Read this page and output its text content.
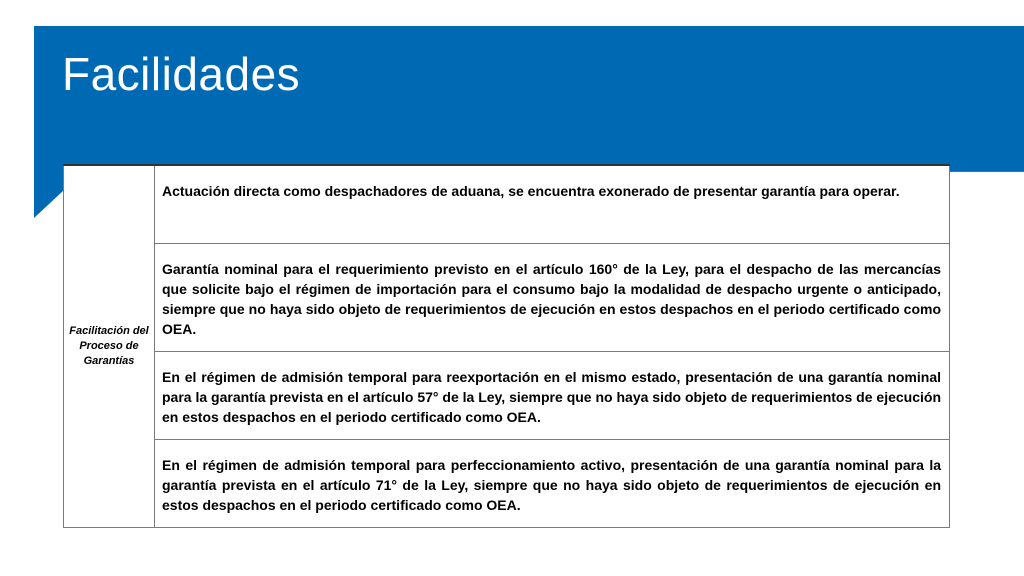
Facilidades
Facilitación del Proceso de Garantías	Actuación directa como despachadores de aduana, se encuentra exonerado de presentar garantía para operar.
Garantía nominal para el requerimiento previsto en el artículo 160° de la Ley, para el despacho de las mercancías que solicite bajo el régimen de importación para el consumo bajo la modalidad de despacho urgente o anticipado, siempre que no haya sido objeto de requerimientos de ejecución en estos despachos en el periodo certificado como OEA.
En el régimen de admisión temporal para reexportación en el mismo estado, presentación de una garantía nominal para la garantía prevista en el artículo 57° de la Ley, siempre que no haya sido objeto de requerimientos de ejecución en estos despachos en el periodo certificado como OEA.
En el régimen de admisión temporal para perfeccionamiento activo, presentación de una garantía nominal para la garantía prevista en el artículo 71° de la Ley, siempre que no haya sido objeto de requerimientos de ejecución en estos despachos en el periodo certificado como OEA.
